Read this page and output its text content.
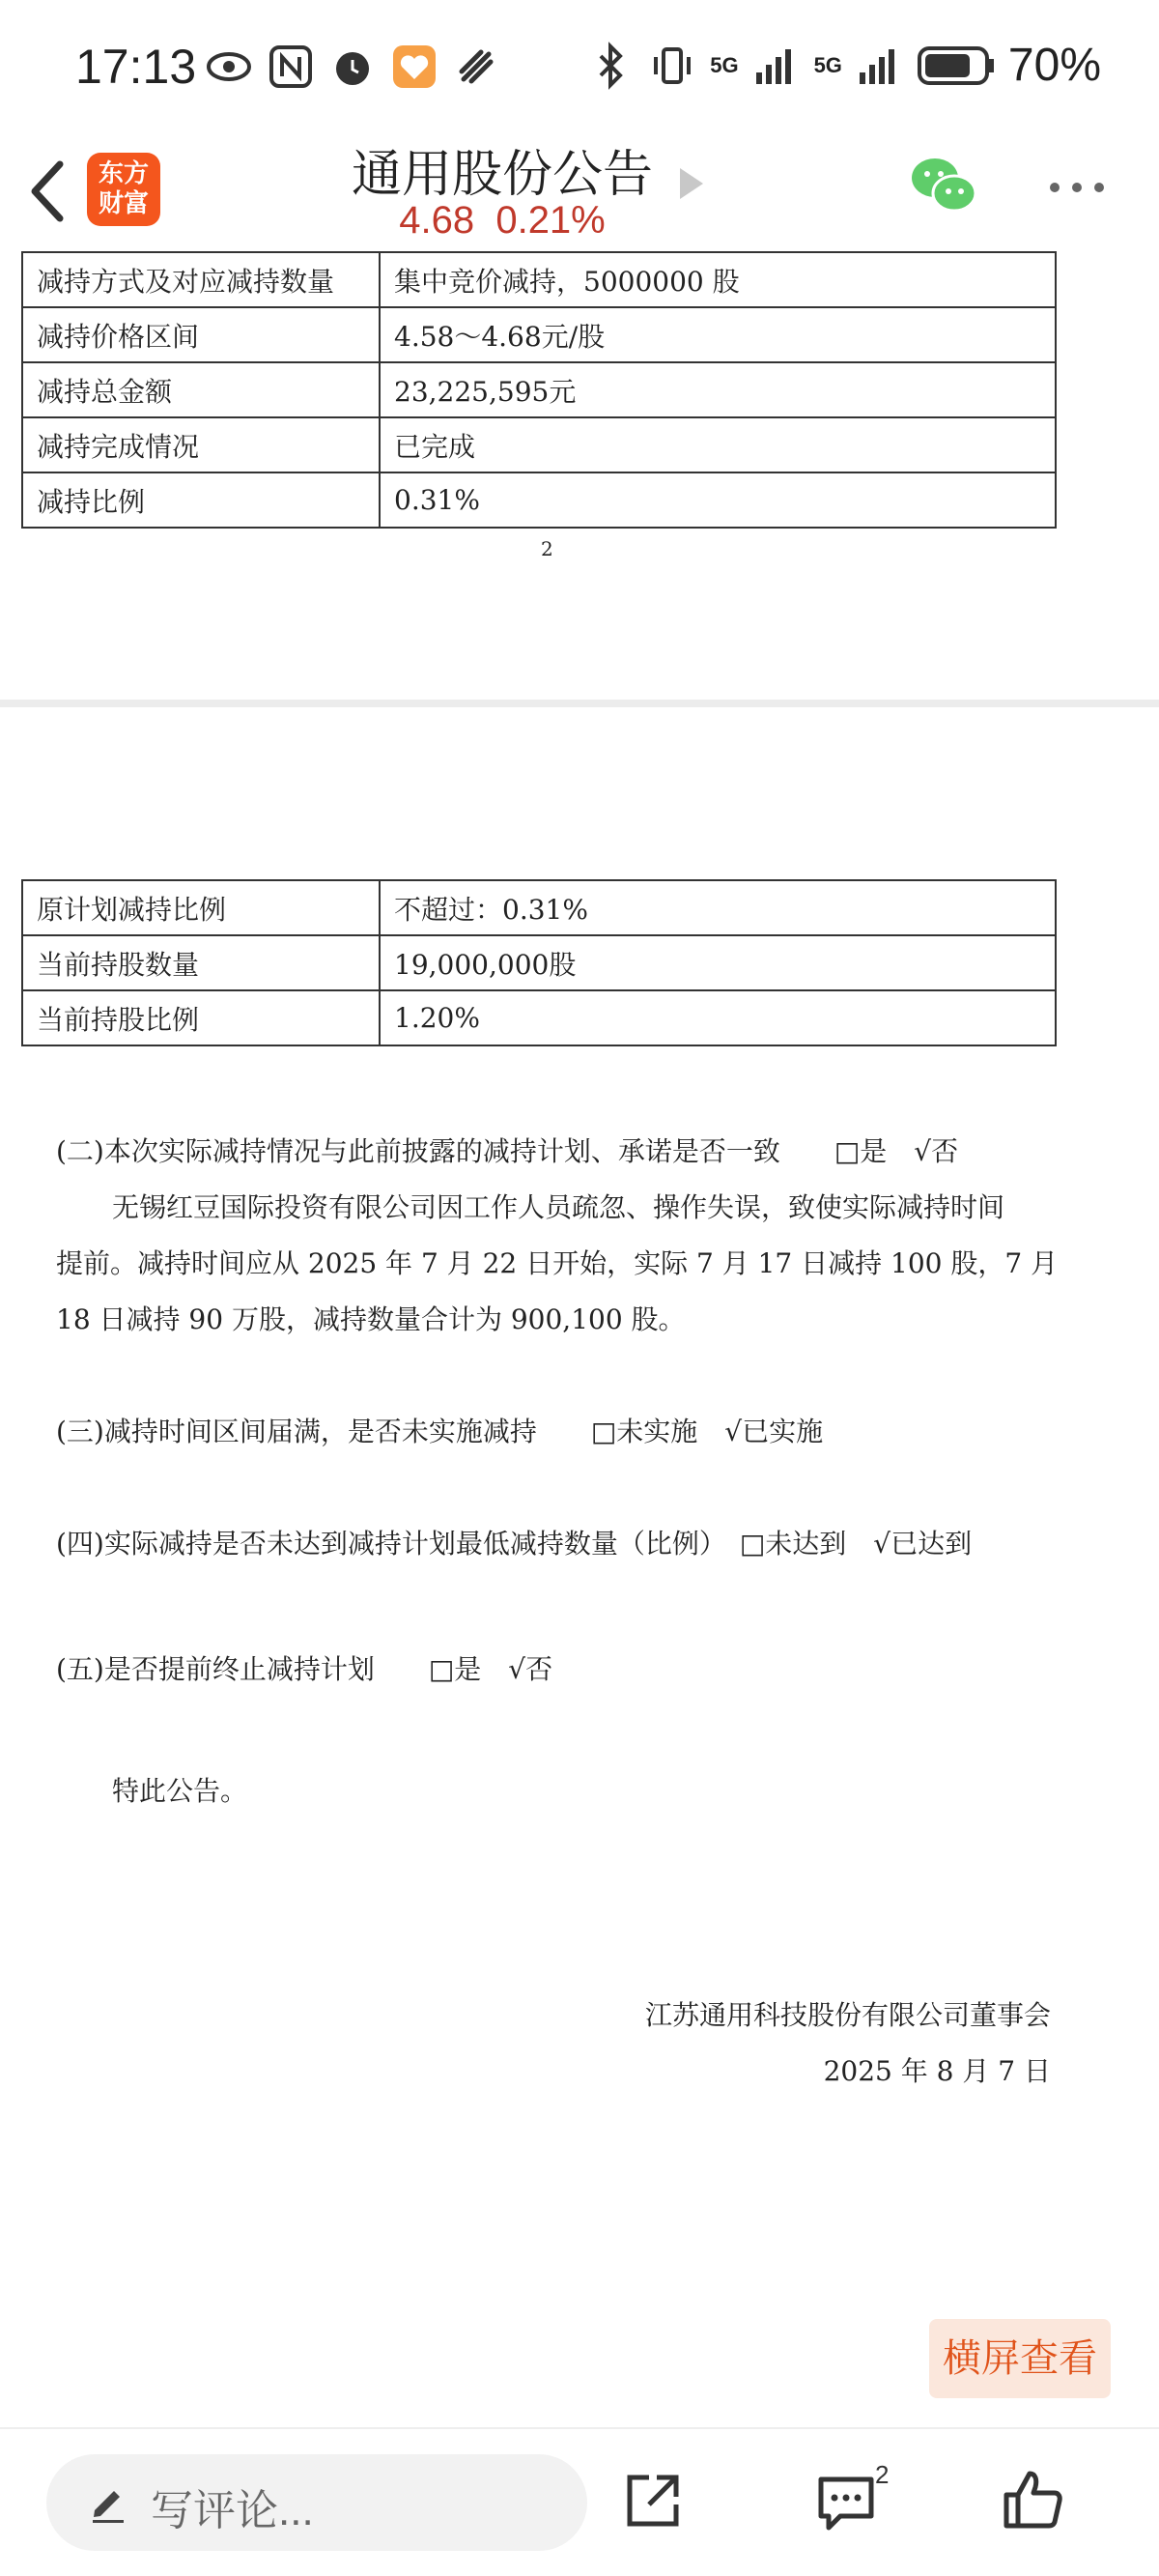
17:13	5G	5G	70%
东方
财富
通用股份公告
4.68 0.21%
减持方式及对应减持数量	集中竞价减持，5000000 股
减持价格区间	4.58～4.68元/股
减持总金额	23,225,595元
减持完成情况	已完成
减持比例	0.31%
2
原计划减持比例	不超过：0.31%
当前持股数量	19,000,000股
当前持股比例	1.20%
(二)本次实际减持情况与此前披露的减持计划、承诺是否一致　　□是　√否
无锡红豆国际投资有限公司因工作人员疏忽、操作失误，致使实际减持时间
提前。减持时间应从 2025 年 7 月 22 日开始，实际 7 月 17 日减持 100 股，7 月
18 日减持 90 万股，减持数量合计为 900,100 股。
(三)减持时间区间届满，是否未实施减持　　□未实施　√已实施
(四)实际减持是否未达到减持计划最低减持数量（比例）　□未达到　√已达到
(五)是否提前终止减持计划　　□是　√否
特此公告。
江苏通用科技股份有限公司董事会
2025 年 8 月 7 日
横屏查看
写评论...
2
